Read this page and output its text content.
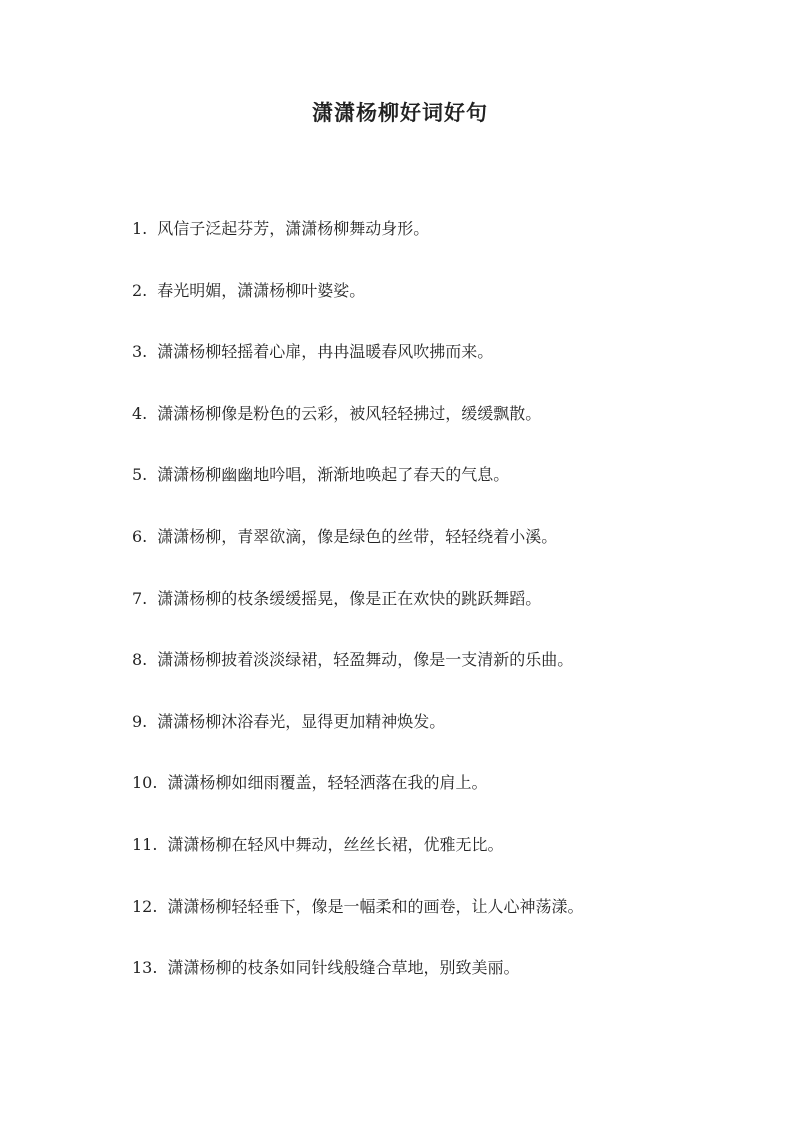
潇潇杨柳好词好句
1. 风信子泛起芬芳，潇潇杨柳舞动身形。
2. 春光明媚，潇潇杨柳叶婆娑。
3. 潇潇杨柳轻摇着心扉，冉冉温暖春风吹拂而来。
4. 潇潇杨柳像是粉色的云彩，被风轻轻拂过，缓缓飘散。
5. 潇潇杨柳幽幽地吟唱，渐渐地唤起了春天的气息。
6. 潇潇杨柳，青翠欲滴，像是绿色的丝带，轻轻绕着小溪。
7. 潇潇杨柳的枝条缓缓摇晃，像是正在欢快的跳跃舞蹈。
8. 潇潇杨柳披着淡淡绿裙，轻盈舞动，像是一支清新的乐曲。
9. 潇潇杨柳沐浴春光，显得更加精神焕发。
10. 潇潇杨柳如细雨覆盖，轻轻洒落在我的肩上。
11. 潇潇杨柳在轻风中舞动，丝丝长裙，优雅无比。
12. 潇潇杨柳轻轻垂下，像是一幅柔和的画卷，让人心神荡漾。
13. 潇潇杨柳的枝条如同针线般缝合草地，别致美丽。
